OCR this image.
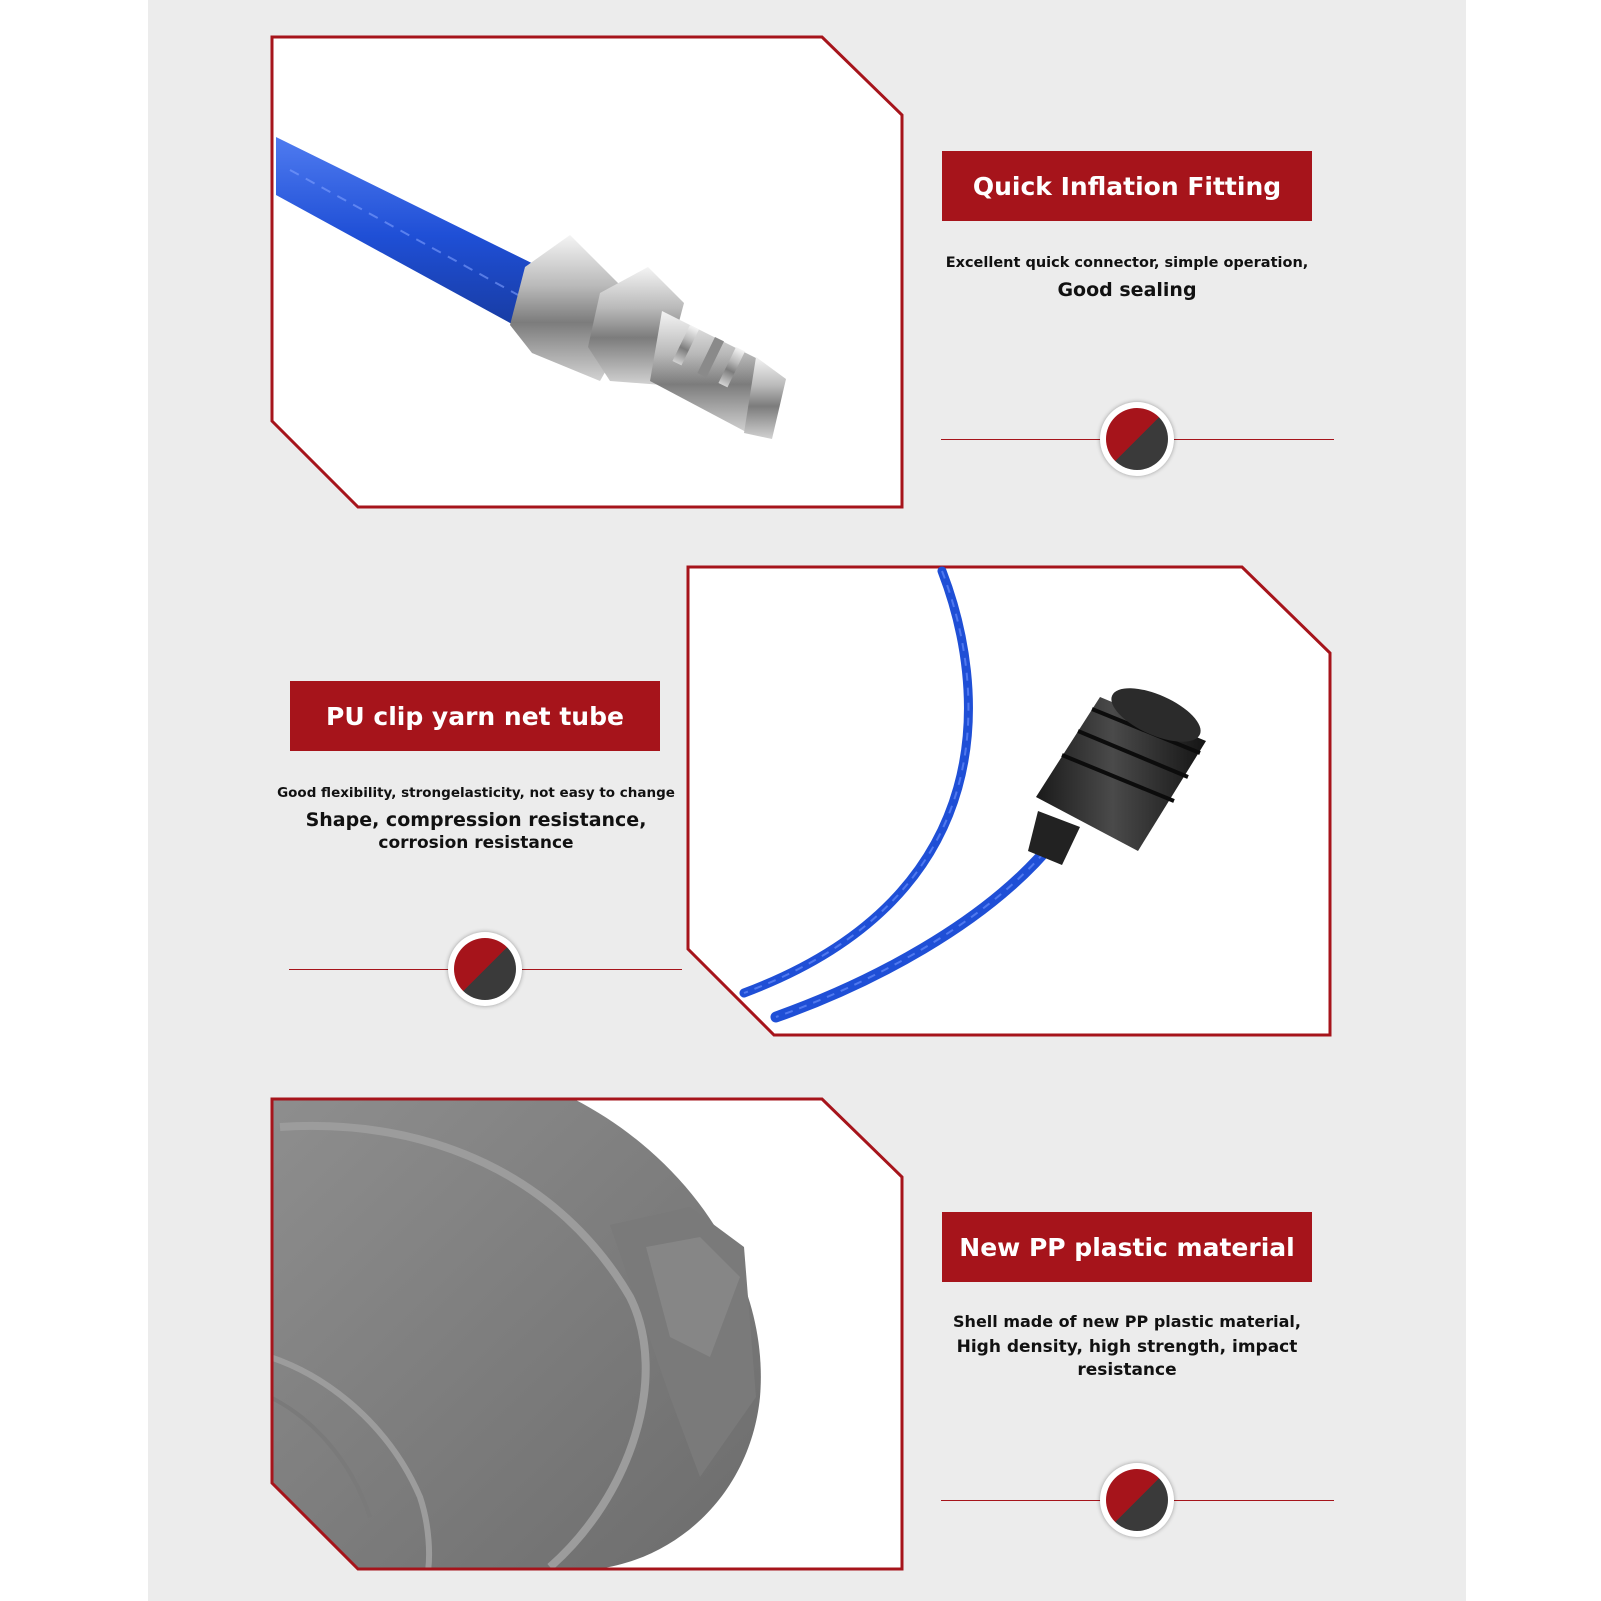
Quick Inflation Fitting
Excellent quick connector, simple operation,
Good sealing
PU clip yarn net tube
Good flexibility, strongelasticity, not easy to change
Shape, compression resistance,
corrosion resistance
New PP plastic material
Shell made of new PP plastic material,
High density, high strength, impact
resistance
